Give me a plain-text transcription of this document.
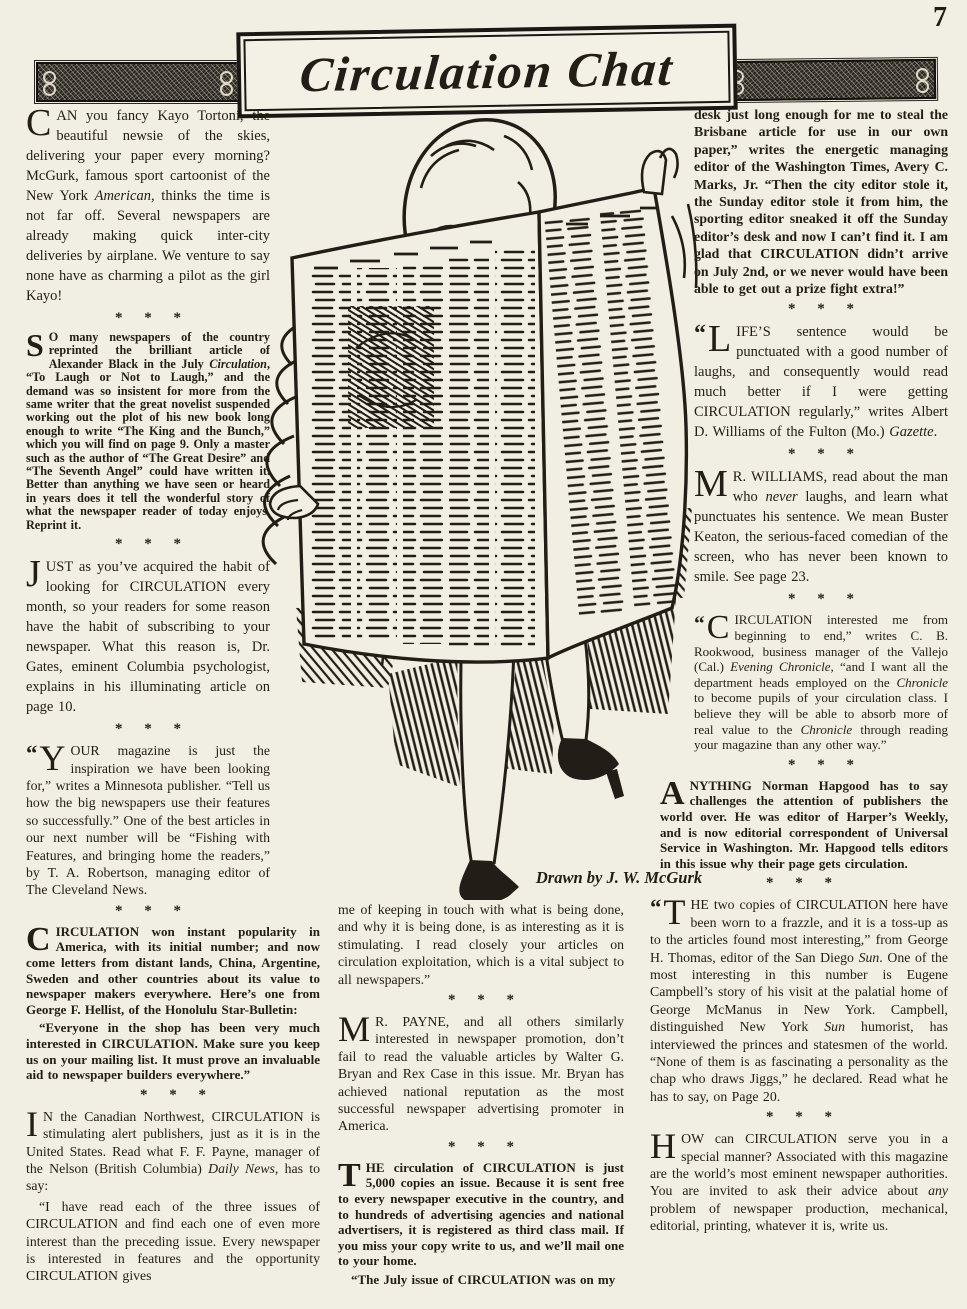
7
Circulation Chat

CAN you fancy Kayo Tortoni, the beautiful newsie of the skies, delivering your paper every morning? McGurk, famous sport cartoonist of the New York American, thinks the time is not far off. Several newspapers are already making quick inter-city deliveries by airplane. We venture to say none have as charming a pilot as the girl Kayo!

* * *

S O many newspapers of the country reprinted the brilliant article of Alexander Black in the July Circulation, “To Laugh or Not to Laugh,” and the demand was so insistent for more from the same writer that the great novelist suspended working out the plot of his new book long enough to write “The King and the Bunch,” which you will find on page 9. Only a master such as the author of “The Great Desire” and “The Seventh Angel” could have written it. Better than anything we have seen or heard in years does it tell the wonderful story of what the newspaper reader of today enjoys. Reprint it.

* * *

JUST as you’ve acquired the habit of looking for CIRCULATION every month, so your readers for some reason have the habit of subscribing to your newspaper. What this reason is, Dr. Gates, eminent Columbia psychologist, explains in his illuminating article on page 10.

* * *

“ Y OUR magazine is just the inspiration we have been looking for,” writes a Minnesota publisher. “Tell us how the big newspapers use their features so successfully.” One of the best articles in our next number will be “Fishing with Features, and bringing home the readers,” by T. A. Robertson, managing editor of The Cleveland News.

* * *

CIRCULATION won instant popularity in America, with its initial number; and now come letters from distant lands, China, Argentine, Sweden and other countries about its value to newspaper makers everywhere. Here’s one from George F. Hellist, of the Honolulu Star-Bulletin:

“Everyone in the shop has been very much interested in CIRCULATION. Make sure you keep us on your mailing list. It must prove an invaluable aid to newspaper builders everywhere.”

* * *

I N the Canadian Northwest, CIRCULATION is stimulating alert publishers, just as it is in the United States. Read what F. F. Payne, manager of the Nelson (British Columbia) Daily News, has to say:

“I have read each of the three issues of CIRCULATION and find each one of even more interest than the preceding issue. Every newspaper is interested in features and the opportunity CIRCULATION gives

me of keeping in touch with what is being done, and why it is being done, is as interesting as it is stimulating. I read closely your articles on circulation exploitation, which is a vital subject to all newspapers.”

* * *

M R. PAYNE, and all others similarly interested in newspaper promotion, don’t fail to read the valuable articles by Walter G. Bryan and Rex Case in this issue. Mr. Bryan has achieved national reputation as the most successful newspaper advertising promoter in America.

* * *

THE circulation of CIRCULATION is just 5,000 copies an issue. Because it is sent free to every newspaper executive in the country, and to hundreds of advertising agencies and national advertisers, it is registered as third class mail. If you miss your copy write to us, and we’ll mail one to your home.

“The July issue of CIRCULATION was on my

desk just long enough for me to steal the Brisbane article for use in our own paper,” writes the energetic managing editor of the Washington Times, Avery C. Marks, Jr. “Then the city editor stole it, the Sunday editor stole it from him, the sporting editor sneaked it off the Sunday editor’s desk and now I can’t find it. I am glad that CIRCULATION didn’t arrive on July 2nd, or we never would have been able to get out a prize fight extra!”

* * *

“ L IFE’S sentence would be punctuated with a good number of laughs, and consequently would read much better if I were getting CIRCULATION regularly,” writes Albert D. Williams of the Fulton (Mo.) Gazette.

* * *

M R. WILLIAMS, read about the man who never laughs, and learn what punctuates his sentence. We mean Buster Keaton, the serious-faced comedian of the screen, who has never been known to smile. See page 23.

* * *

“ C IRCULATION interested me from beginning to end,” writes C. B. Rookwood, business manager of the Vallejo (Cal.) Evening Chronicle, “and I want all the department heads employed on the Chronicle to become pupils of your circulation class. I believe they will be able to absorb more of real value to the Chronicle through reading your magazine than any other way.”

* * *

ANYTHING Norman Hapgood has to say challenges the attention of publishers the world over. He was editor of Harper’s Weekly, and is now editorial correspondent of Universal Service in Washington. Mr. Hapgood tells editors in this issue why their page gets circulation.

* * *

“ T HE two copies of CIRCULATION here have been worn to a frazzle, and it is a toss-up as to the articles found most interesting,” from George H. Thomas, editor of the San Diego Sun. One of the most interesting in this number is Eugene Campbell’s story of his visit at the palatial home of George McManus in New York. Campbell, distinguished New York Sun humorist, has interviewed the princes and statesmen of the world. “None of them is as fascinating a personality as the chap who draws Jiggs,” he declared. Read what he has to say, on Page 20.

* * *

HOW can CIRCULATION serve you in a special manner? Associated with this magazine are the world’s most eminent newspaper authorities. You are invited to ask their advice about any problem of newspaper production, mechanical, editorial, printing, whatever it is, write us.

Drawn by J. W. McGurk
